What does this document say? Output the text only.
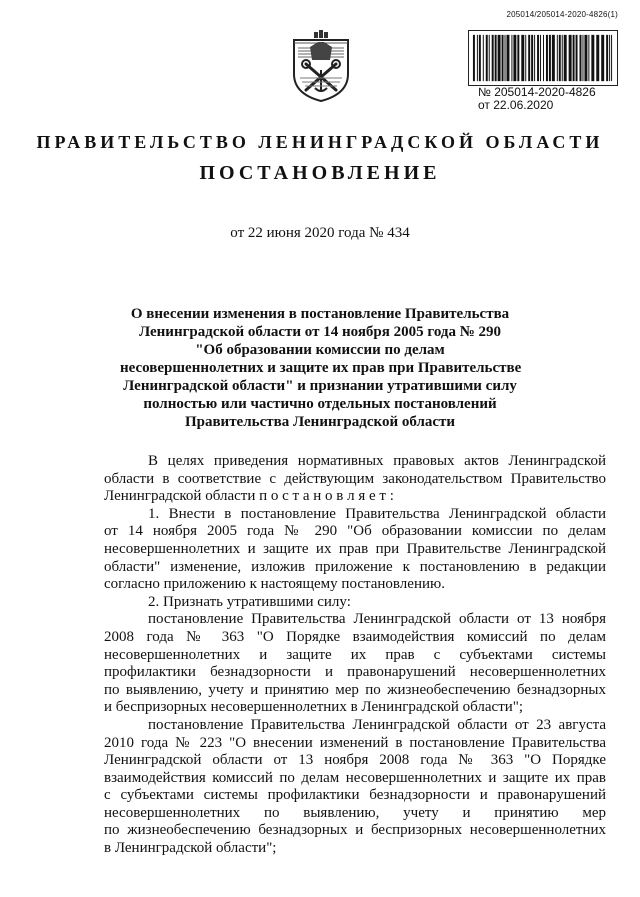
205014/205014-2020-4826(1)
№ 205014-2020-4826
от 22.06.2020
ПРАВИТЕЛЬСТВО ЛЕНИНГРАДСКОЙ ОБЛАСТИ
ПОСТАНОВЛЕНИЕ
от 22 июня 2020 года № 434
О внесении изменения в постановление Правительства
Ленинградской области от 14 ноября 2005 года № 290
"Об образовании комиссии по делам
несовершеннолетних и защите их прав при Правительстве
Ленинградской области" и признании утратившими силу
полностью или частично отдельных постановлений
Правительства Ленинградской области
В целях приведения нормативных правовых актов Ленинградской
области в соответствие с действующим законодательством Правительство
Ленинградской области п о с т а н о в л я е т :
1. Внести в постановление Правительства Ленинградской области
от 14 ноября 2005 года № 290 "Об образовании комиссии по делам
несовершеннолетних и защите их прав при Правительстве Ленинградской
области" изменение, изложив приложение к постановлению в редакции
согласно приложению к настоящему постановлению.
2. Признать утратившими силу:
постановление Правительства Ленинградской области от 13 ноября
2008 года № 363 "О Порядке взаимодействия комиссий по делам
несовершеннолетних и защите их прав с субъектами системы
профилактики безнадзорности и правонарушений несовершеннолетних
по выявлению, учету и принятию мер по жизнеобеспечению безнадзорных
и беспризорных несовершеннолетних в Ленинградской области";
постановление Правительства Ленинградской области от 23 августа
2010 года № 223 "О внесении изменений в постановление Правительства
Ленинградской области от 13 ноября 2008 года № 363 "О Порядке
взаимодействия комиссий по делам несовершеннолетних и защите их прав
с субъектами системы профилактики безнадзорности и правонарушений
несовершеннолетних по выявлению, учету и принятию мер
по жизнеобеспечению безнадзорных и беспризорных несовершеннолетних
в Ленинградской области";
